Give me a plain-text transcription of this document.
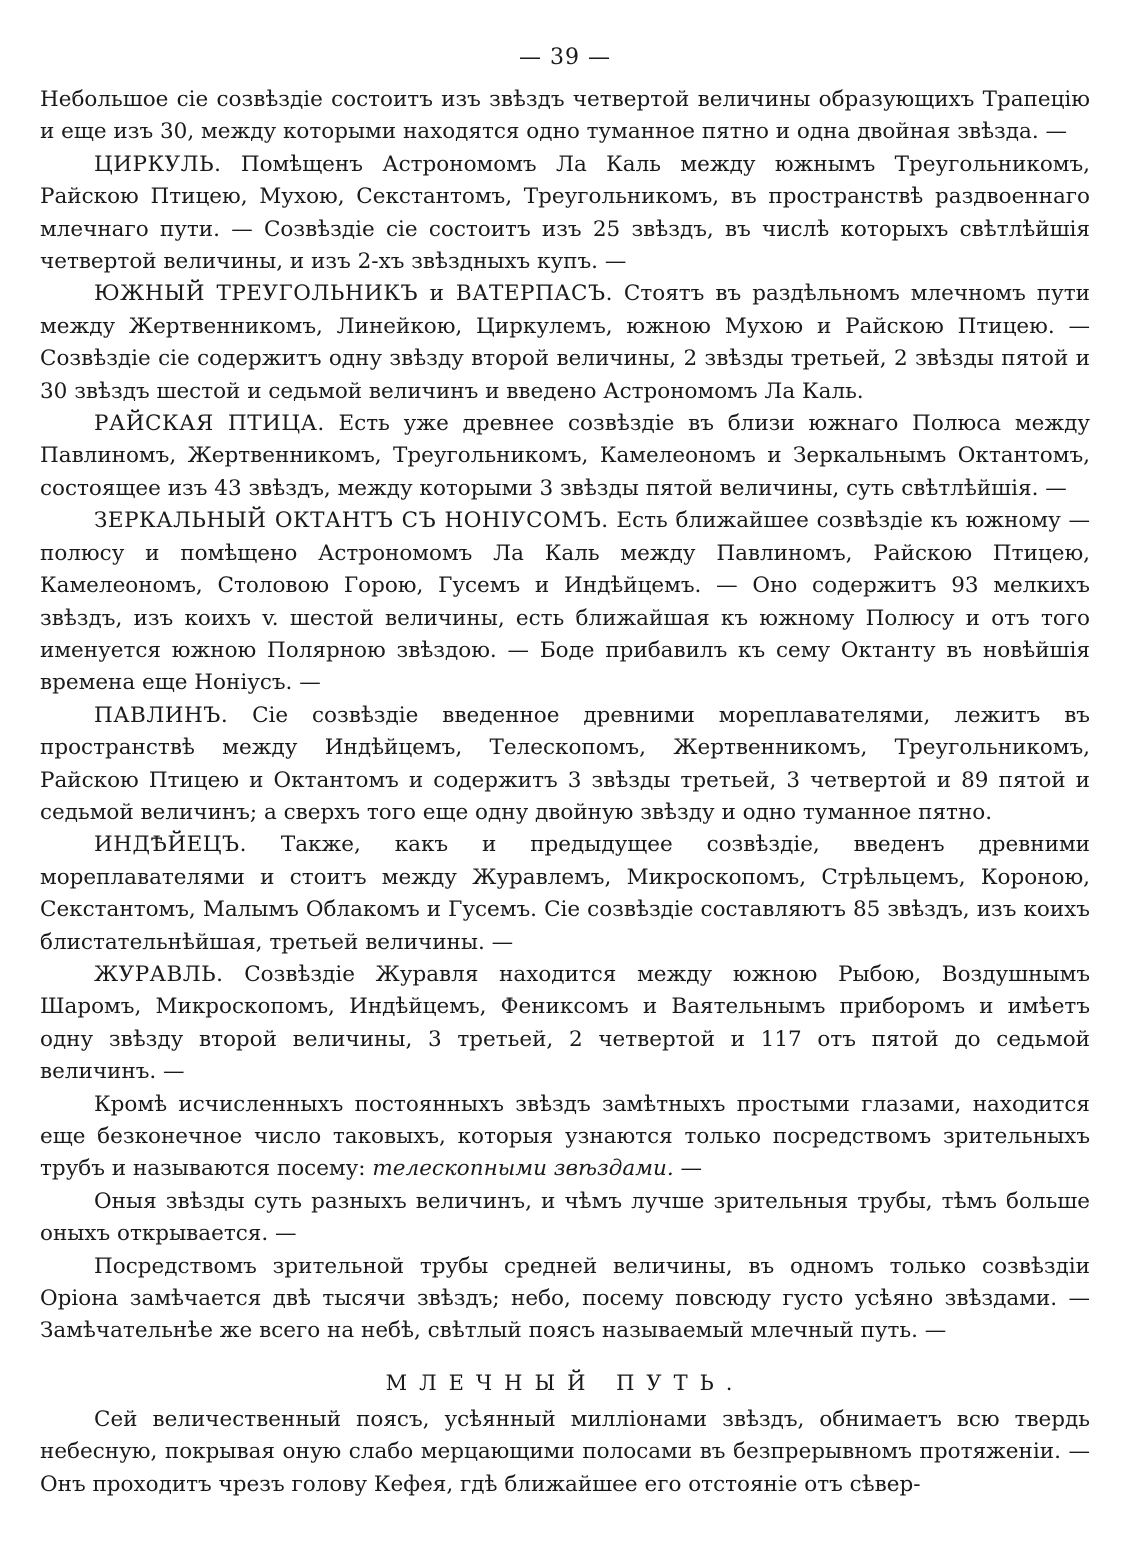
— 39 —

Небольшое сіе созвѣздіе состоитъ изъ звѣздъ четвертой величины образующихъ Трапецію и еще изъ 30, между которыми находятся одно туманное пятно и одна двойная звѣзда. —

ЦИРКУЛЬ. Помѣщенъ Астрономомъ Ла Каль между южнымъ Треугольникомъ, Райскою Птицею, Мухою, Секстантомъ, Треугольникомъ, въ пространствѣ раздвоеннаго млечнаго пути. — Созвѣздіе сіе состоитъ изъ 25 звѣздъ, въ числѣ которыхъ свѣтлѣйшія четвертой величины, и изъ 2-хъ звѣздныхъ купъ. —

ЮЖНЫЙ ТРЕУГОЛЬНИКЪ и ВАТЕРПАСЪ. Стоятъ въ раздѣльномъ млечномъ пути между Жертвенникомъ, Линейкою, Циркулемъ, южною Мухою и Райскою Птицею. — Созвѣздіе сіе содержитъ одну звѣзду второй величины, 2 звѣзды третьей, 2 звѣзды пятой и 30 звѣздъ шестой и седьмой величинъ и введено Астрономомъ Ла Каль.

РАЙСКАЯ ПТИЦА. Есть уже древнее созвѣздіе въ близи южнаго Полюса между Павлиномъ, Жертвенникомъ, Треугольникомъ, Камелеономъ и Зеркальнымъ Октантомъ, состоящее изъ 43 звѣздъ, между которыми 3 звѣзды пятой величины, суть свѣтлѣйшія. —

ЗЕРКАЛЬНЫЙ ОКТАНТЪ СЪ НОНІУСОМЪ. Есть ближайшее созвѣздіе къ южному — полюсу и помѣщено Астрономомъ Ла Каль между Павлиномъ, Райскою Птицею, Камелеономъ, Столовою Горою, Гусемъ и Индѣйцемъ. — Оно содержитъ 93 мелкихъ звѣздъ, изъ коихъ v. шестой величины, есть ближайшая къ южному Полюсу и отъ того именуется южною Полярною звѣздою. — Боде прибавилъ къ сему Октанту въ новѣйшія времена еще Ноніусъ. —

ПАВЛИНЪ. Сіе созвѣздіе введенное древними мореплавателями, лежитъ въ пространствѣ между Индѣйцемъ, Телескопомъ, Жертвенникомъ, Треугольникомъ, Райскою Птицею и Октантомъ и содержитъ 3 звѣзды третьей, 3 четвертой и 89 пятой и седьмой величинъ; а сверхъ того еще одну двойную звѣзду и одно туманное пятно.

ИНДѢЙЕЦЪ. Также, какъ и предыдущее созвѣздіе, введенъ древними мореплавателями и стоитъ между Журавлемъ, Микроскопомъ, Стрѣльцемъ, Короною, Секстантомъ, Малымъ Облакомъ и Гусемъ. Сіе созвѣздіе составляютъ 85 звѣздъ, изъ коихъ блистательнѣйшая, третьей величины. —

ЖУРАВЛЬ. Созвѣздіе Журавля находится между южною Рыбою, Воздушнымъ Шаромъ, Микроскопомъ, Индѣйцемъ, Фениксомъ и Ваятельнымъ приборомъ и имѣетъ одну звѣзду второй величины, 3 третьей, 2 четвертой и 117 отъ пятой до седьмой величинъ. —

Кромѣ исчисленныхъ постоянныхъ звѣздъ замѣтныхъ простыми глазами, находится еще безконечное число таковыхъ, которыя узнаются только посредствомъ зрительныхъ трубъ и называются посему: телескопными звѣздами. —

Оныя звѣзды суть разныхъ величинъ, и чѣмъ лучше зрительныя трубы, тѣмъ больше оныхъ открывается. —

Посредствомъ зрительной трубы средней величины, въ одномъ только созвѣздіи Оріона замѣчается двѣ тысячи звѣздъ; небо, посему повсюду густо усѣяно звѣздами. — Замѣчательнѣе же всего на небѣ, свѣтлый поясъ называемый млечный путь. —

МЛЕЧНЫЙ ПУТЬ.

Сей величественный поясъ, усѣянный милліонами звѣздъ, обнимаетъ всю твердь небесную, покрывая оную слабо мерцающими полосами въ безпрерывномъ протяженіи. — Онъ проходитъ чрезъ голову Кефея, гдѣ ближайшее его отстояніе отъ сѣвер-
